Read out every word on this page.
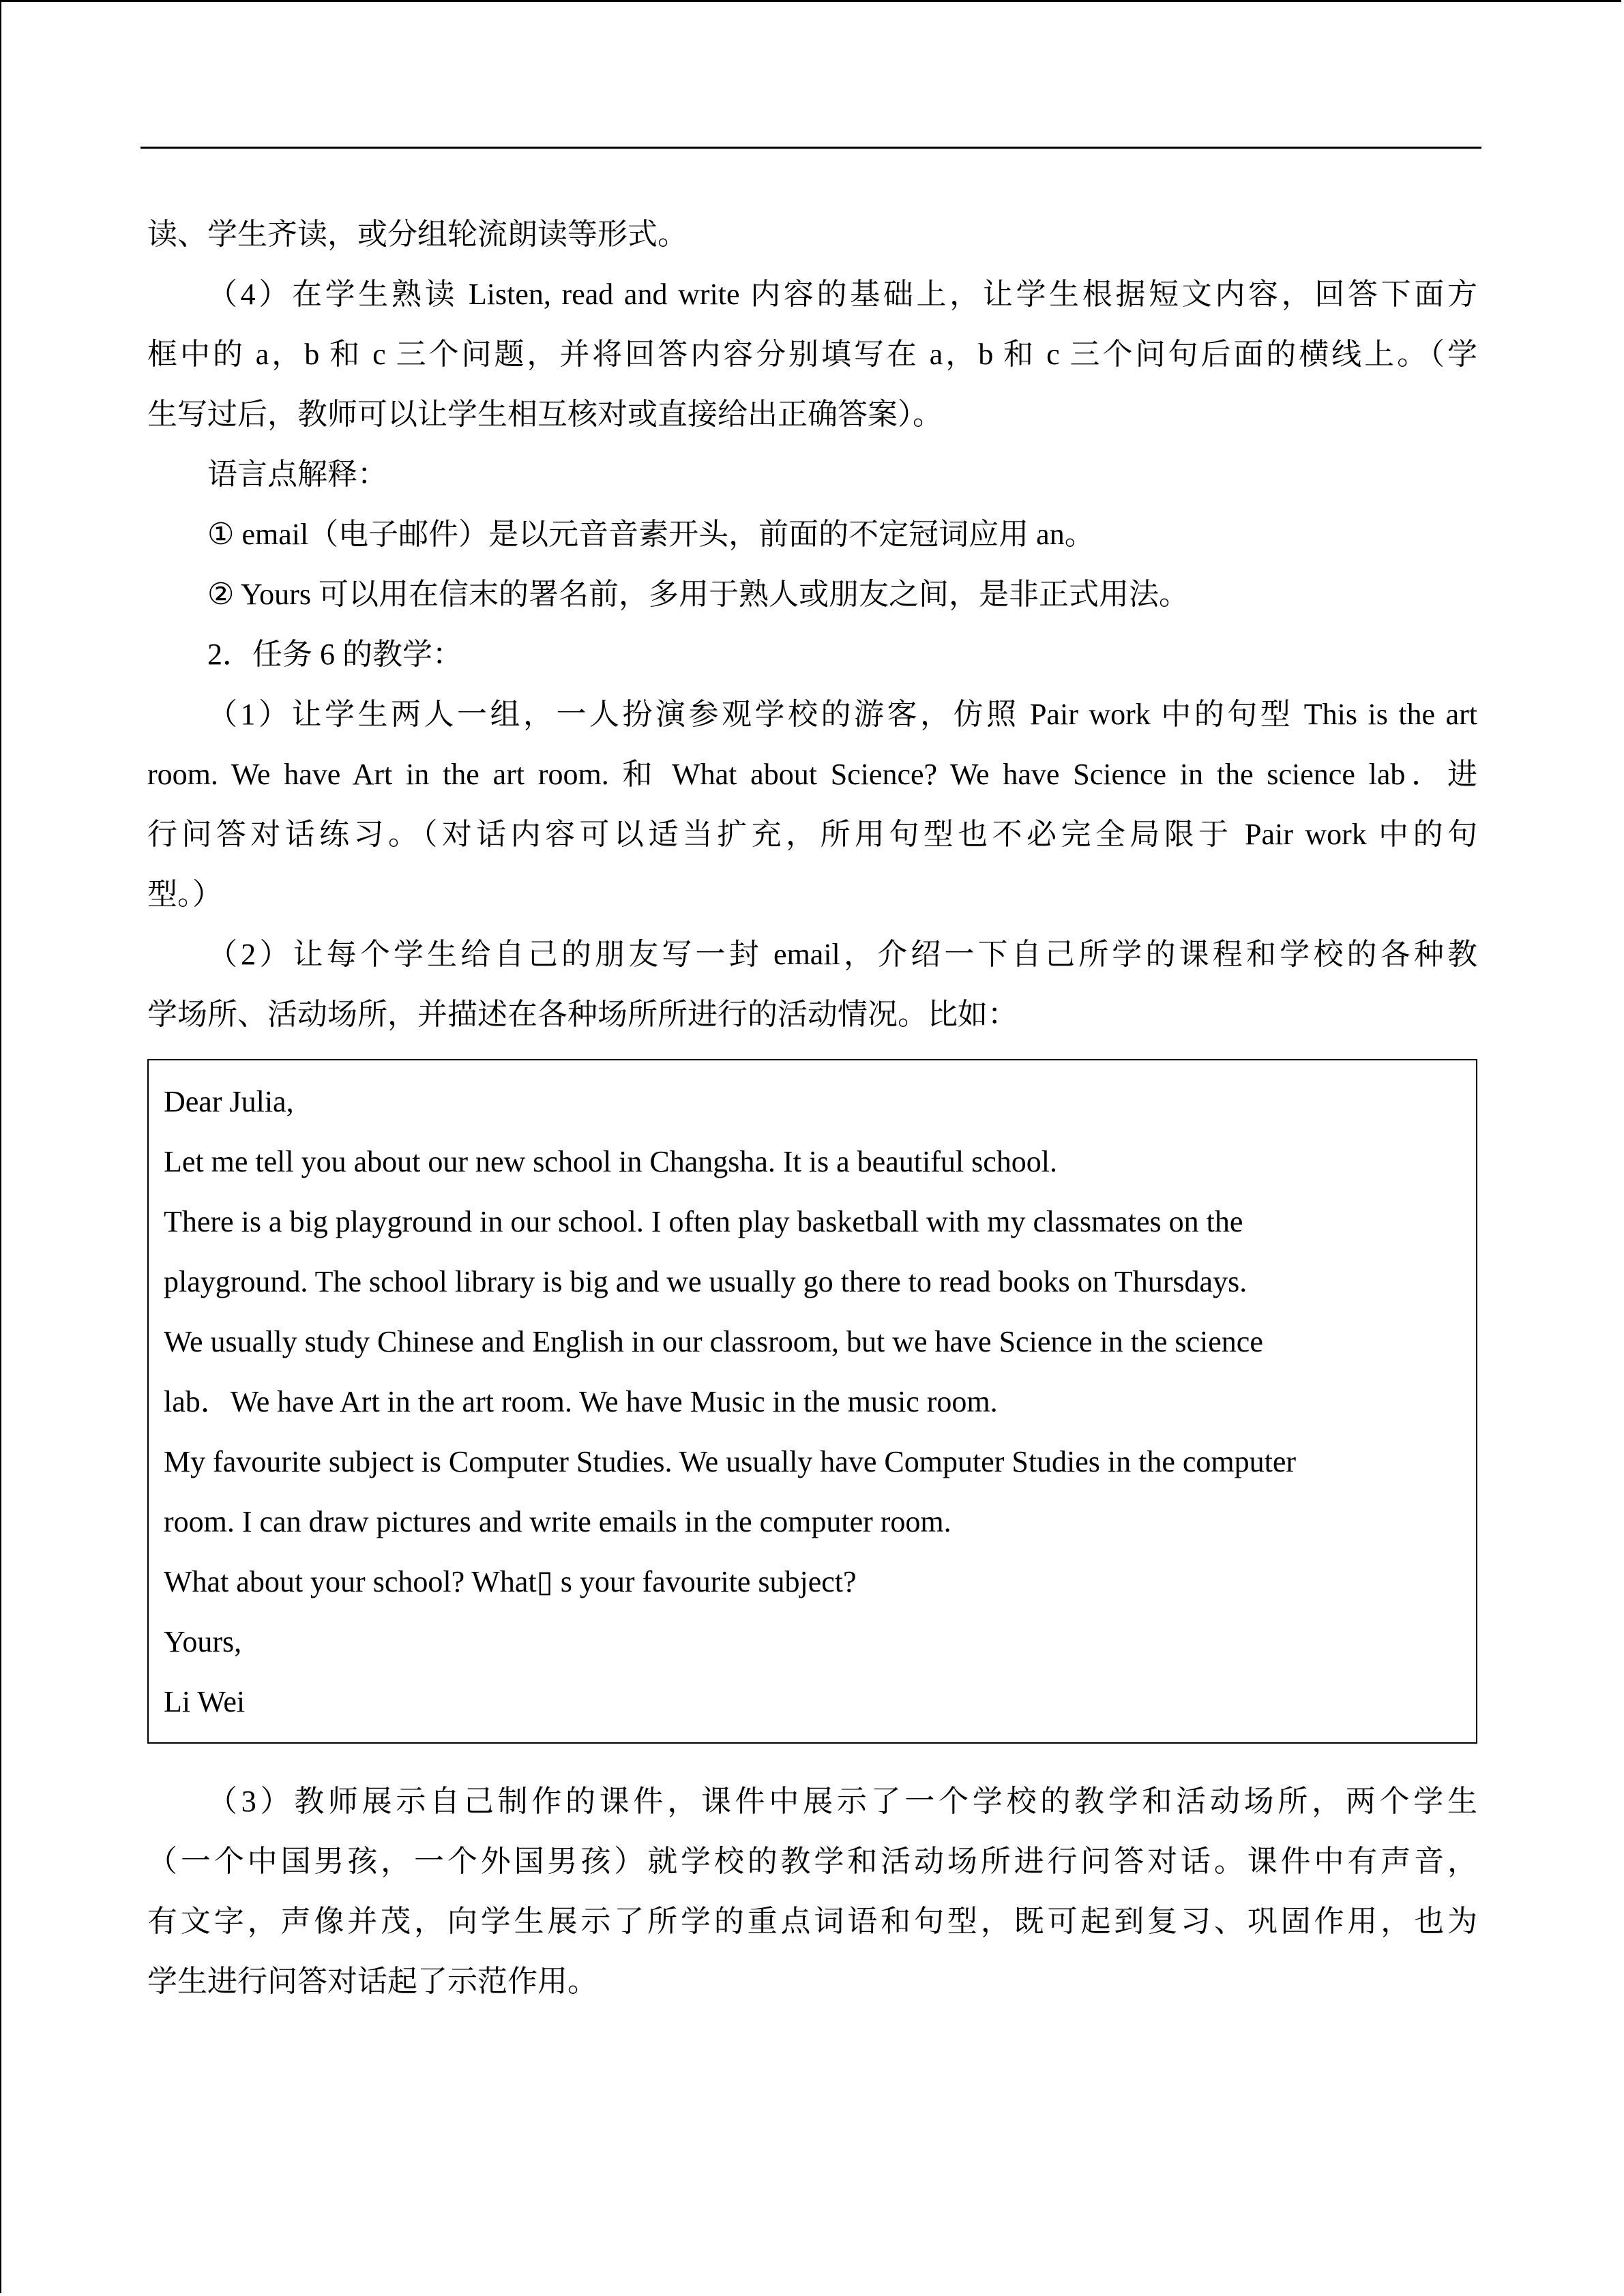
读、学生齐读，或分组轮流朗读等形式。
（4）在学生熟读 Listen, read and write 内容的基础上，让学生根据短文内容，回答下面方
框中的 a，b 和 c 三个问题，并将回答内容分别填写在 a，b 和 c 三个问句后面的横线上。（学
生写过后，教师可以让学生相互核对或直接给出正确答案）。
语言点解释：
① email（电子邮件）是以元音音素开头，前面的不定冠词应用 an。
② Yours 可以用在信末的署名前，多用于熟人或朋友之间，是非正式用法。
2．任务 6 的教学：
（1）让学生两人一组，一人扮演参观学校的游客，仿照 Pair work 中的句型 This is the art
room. We have Art in the art room. 和 What about Science? We have Science in the science lab．进
行问答对话练习。（对话内容可以适当扩充，所用句型也不必完全局限于 Pair work 中的句
型。）
（2）让每个学生给自己的朋友写一封 email，介绍一下自己所学的课程和学校的各种教
学场所、活动场所，并描述在各种场所所进行的活动情况。比如：
Dear Julia,
Let me tell you about our new school in Changsha. It is a beautiful school.
There is a big playground in our school. I often play basketball with my classmates on the
playground. The school library is big and we usually go there to read books on Thursdays.
We usually study Chinese and English in our classroom, but we have Science in the science
lab．We have Art in the art room. We have Music in the music room.
My favourite subject is Computer Studies. We usually have Computer Studies in the computer
room. I can draw pictures and write emails in the computer room.
What about your school? What▯ s your favourite subject?
Yours,
Li Wei
（3）教师展示自己制作的课件，课件中展示了一个学校的教学和活动场所，两个学生
（一个中国男孩，一个外国男孩）就学校的教学和活动场所进行问答对话。课件中有声音，
有文字，声像并茂，向学生展示了所学的重点词语和句型，既可起到复习、巩固作用，也为
学生进行问答对话起了示范作用。
